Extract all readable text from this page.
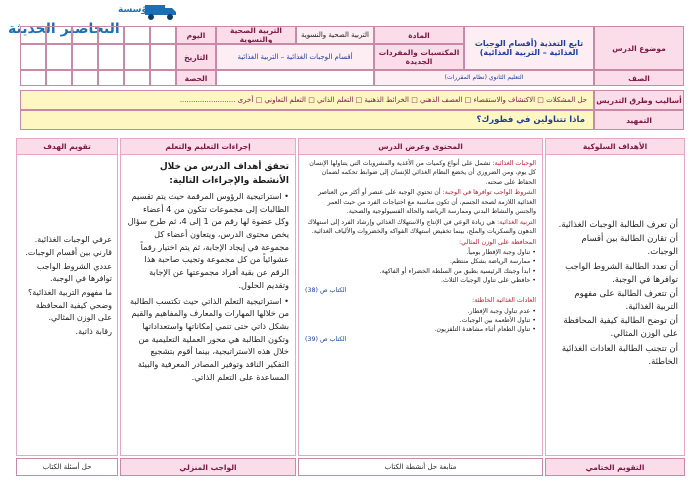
مؤسسة
التحاضير الحديثة
موضوع الدرس
تابع التغذية (أقسام الوجبات الغذائية – التربية الغذائية)
المادة
التربية الصحية والنسوية
التربية الصحية والنسوية
اليوم
المكتسبات والمفردات الجديدة
أقسام الوجبات الغذائية – التربية الغذائية
التاريخ
الصف
التعليم الثانوي (نظام المقررات)
الحصة
أساليب وطرق التدريس
حل المشكلات □ الاكتشاف والاستقصاء □ العصف الذهني □ الخرائط الذهنية □ التعلم الذاتي □ التعلم التعاوني □ أخرى .........................
التمهيد
ماذا تتناولين في فطورك؟
الأهداف السلوكية

أن تعرف الطالبة الوجبات الغذائية.

أن تقارن الطالبة بين أقسام الوجبات.

أن تعدد الطالبة الشروط الواجب توافرها في الوجبة.

أن تتعرف الطالبة على مفهوم التربية الغذائية.

أن توضح الطالبة كيفية المحافظة على الوزن المثالي.

أن تتجنب الطالبة العادات الغذائية الخاطئة.

المحتوى وعرض الدرس

الوجبات الغذائية: تشمل على أنواع وكميات من الأغذية والمشروبات التي يتناولها الإنسان كل يوم، ومن الضروري أن يخضع النظام الغذائي للإنسان إلى ضوابط تحكمه لضمان الحفاظ على صحته.

الشروط الواجب توافرها في الوجبة: أن تحتوي الوجبة على عنصر أو أكثر من العناصر الغذائية اللازمة لصحة الجسم، أن تكون مناسبة مع احتياجات الفرد من حيث العمر والجنس والنشاط البدني وممارسة الرياضة والحالة الفسيولوجية والصحية.

التربية الغذائية: هي زيادة الوعي في الإنتاج والاستهلاك الغذائي وإرشاد الفرد إلى استهلاك الدهون والسكريات والملح، بينما تخفيض استهلاك الفواكه والخضروات والألياف الغذائية.

المحافظة على الوزن المثالي:

• تناول وجبة الإفطار يومياً.
• ممارسة الرياضة بشكل منتظم.
• ابدأ وجبتك الرئيسية بطبق من السلطة الخضراء أو الفاكهة.
• حافظي على تناول الوجبات الثلاث.

الكتاب ص (38)

العادات الغذائية الخاطئة:

• عدم تناول وجبة الإفطار.
• تناول الأطعمة بين الوجبات.
• تناول الطعام أثناء مشاهدة التلفزيون.

الكتاب ص (39)

إجراءات التعليم والتعلم

تحقق أهداف الدرس من خلال الأنشطة والإجراءات التالية:

• استراتيجية الرؤوس المرقمة حيث يتم تقسيم الطالبات إلى مجموعات تتكون من 4 أعضاء وكل عضوة لها رقم من 1 إلى 4، ثم طرح سؤال يخص محتوى الدرس، ويتعاون أعضاء كل مجموعة في إيجاد الإجابة، ثم يتم اختيار رقماً عشوائياً من كل مجموعة وتجيب صاحبة هذا الرقم عن بقية أفراد مجموعتها عن الإجابة وتقديم الحلول.
• استراتيجية التعلم الذاتي حيث تكتسب الطالبة من خلالها المهارات والمعارف والمفاهيم والقيم بشكل ذاتي حتى تنمي إمكاناتها واستعداداتها وتكون الطالبة هي محور العملية التعليمية من خلال هذه الاستراتيجية، بينما أقوم بتشجيع التفكير الناقد وتوفير المصادر المعرفية والبيئة المساعدة على التعلم الذاتي.
تقويم الهدف

عرفي الوجبات الغذائية.

قارني بين أقسام الوجبات.

عددي الشروط الواجب توافرها في الوجبة.

ما مفهوم التربية الغذائية؟

وضحي كيفية المحافظة على الوزن المثالي.

رقابة ذاتية.

التقويم الختامي
متابعة حل أنشطة الكتاب
الواجب المنزلي
حل أسئلة الكتاب
